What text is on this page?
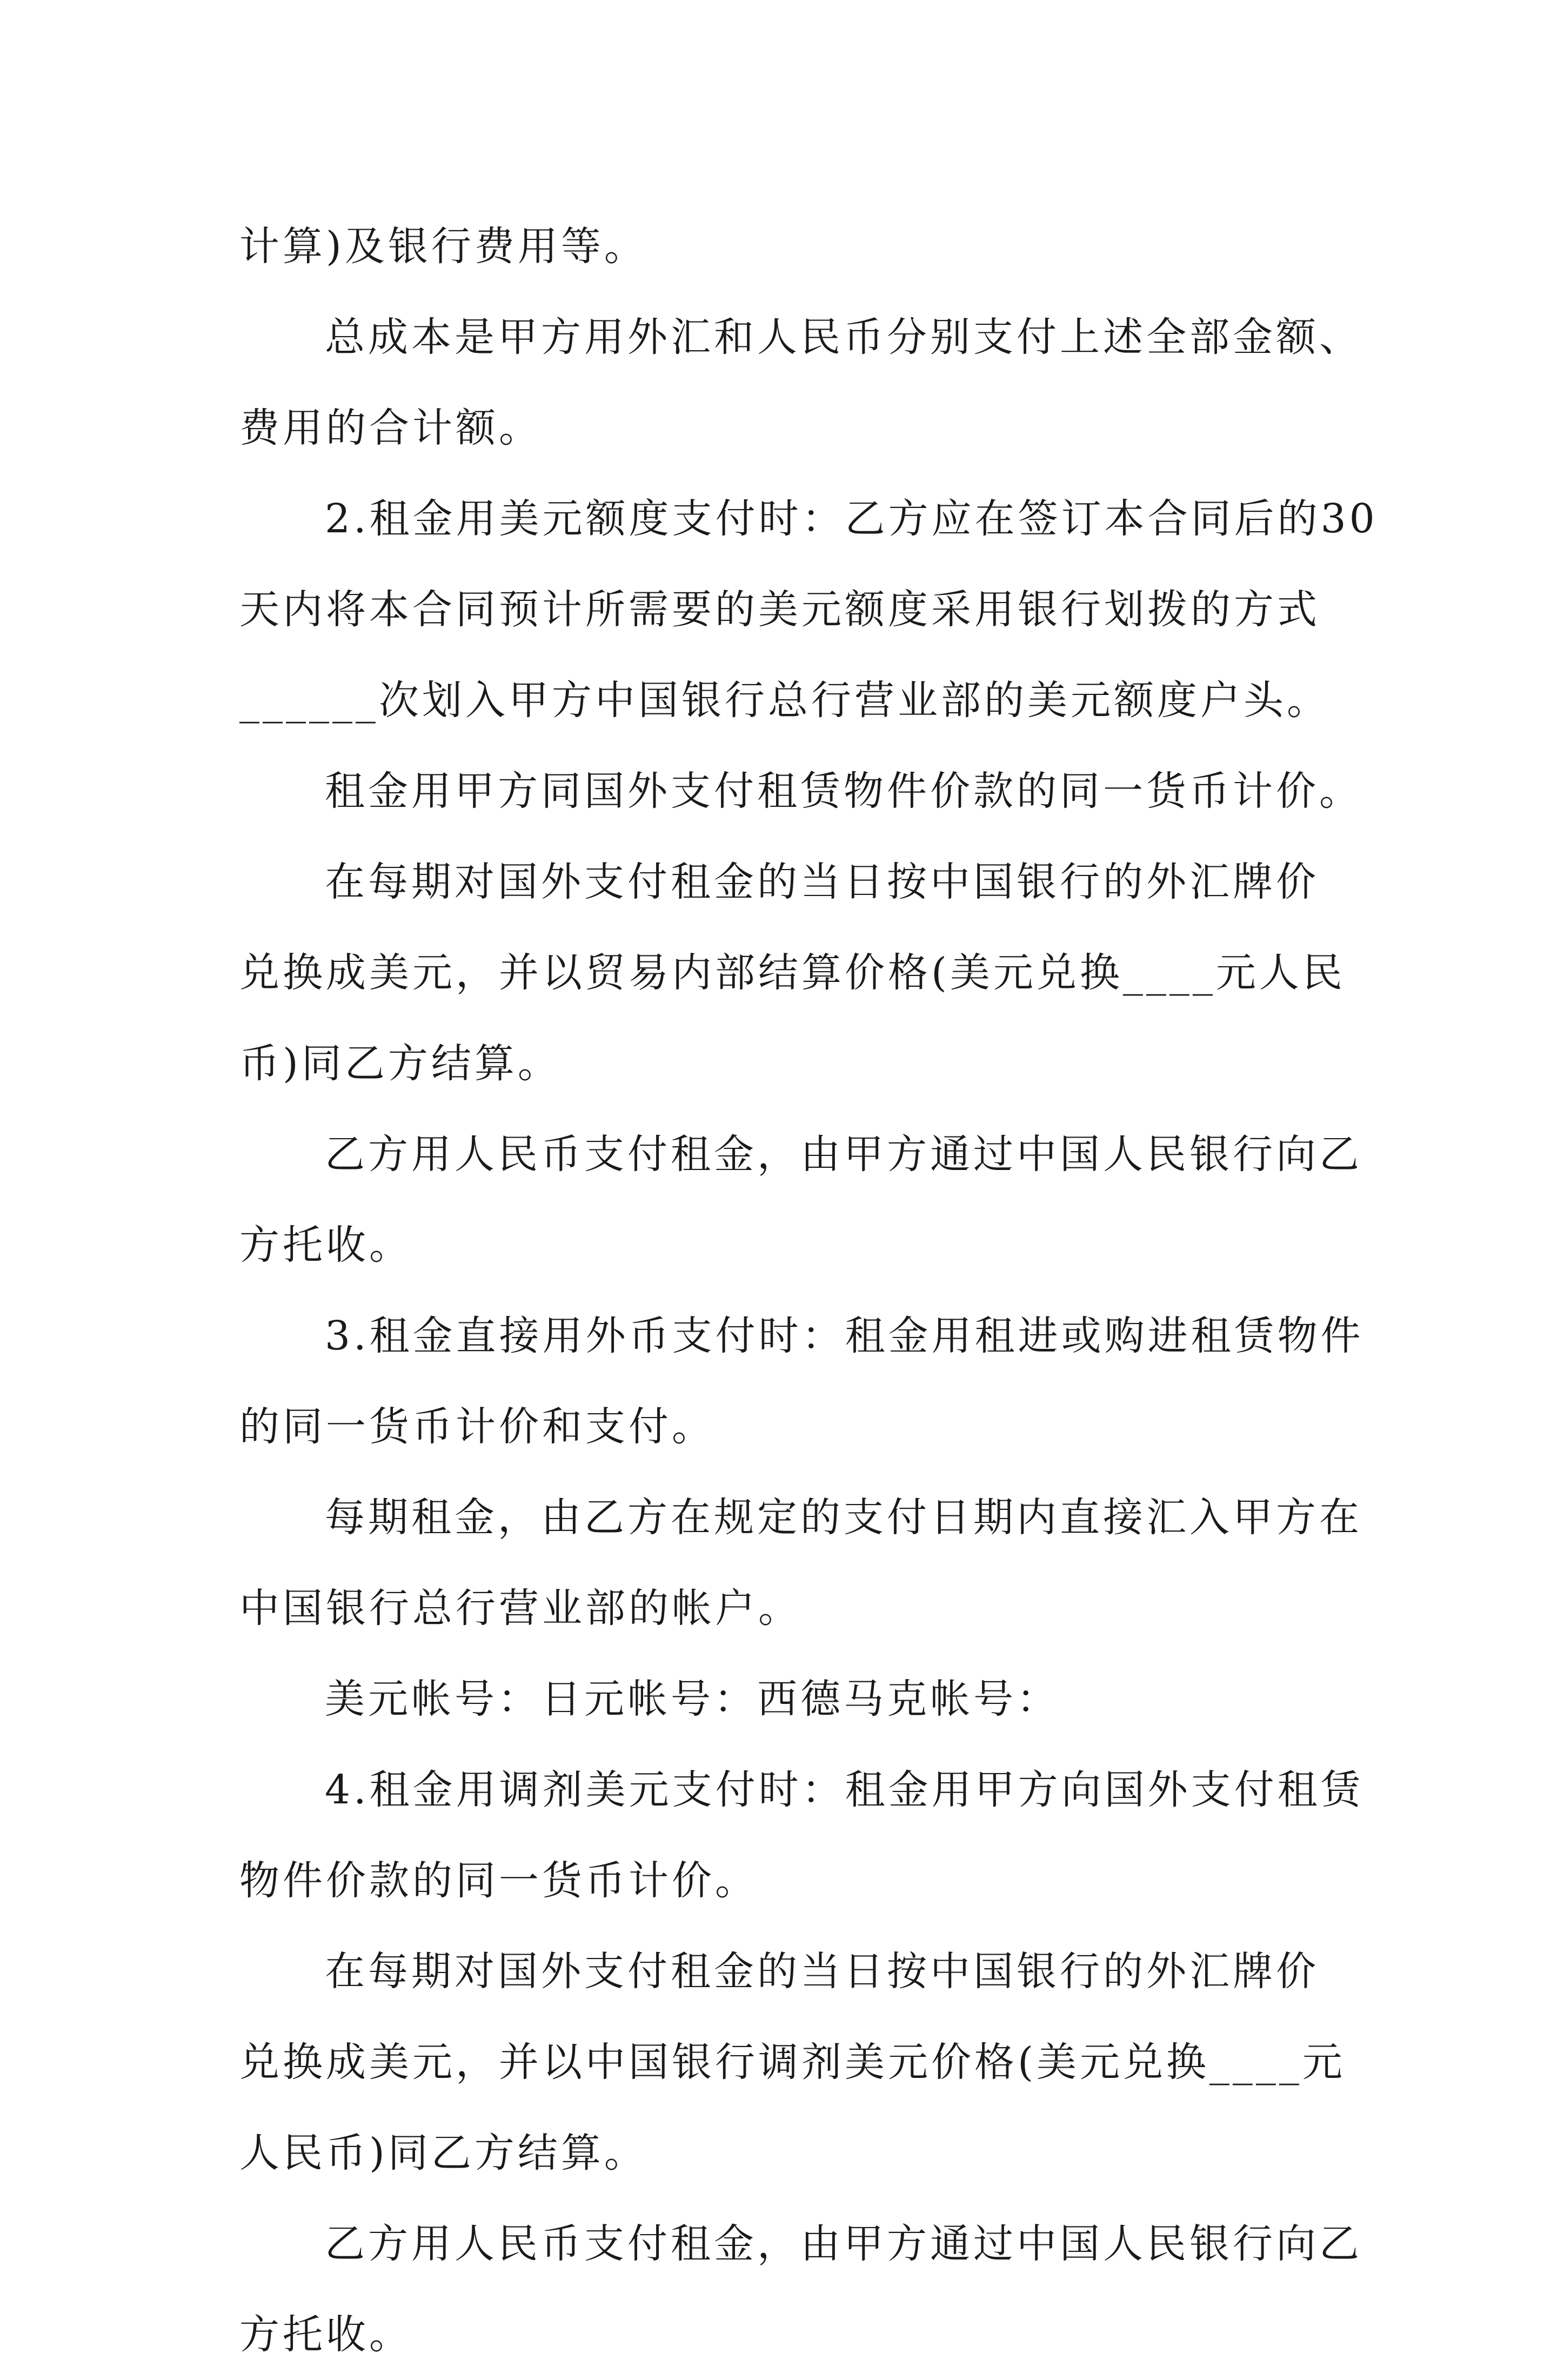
计算)及银行费用等。

总成本是甲方用外汇和人民币分别支付上述全部金额、
费用的合计额。

2.租金用美元额度支付时：乙方应在签订本合同后的30
天内将本合同预计所需要的美元额度采用银行划拨的方式
______次划入甲方中国银行总行营业部的美元额度户头。

租金用甲方同国外支付租赁物件价款的同一货币计价。

在每期对国外支付租金的当日按中国银行的外汇牌价
兑换成美元，并以贸易内部结算价格(美元兑换____元人民
币)同乙方结算。

乙方用人民币支付租金，由甲方通过中国人民银行向乙
方托收。

3.租金直接用外币支付时：租金用租进或购进租赁物件
的同一货币计价和支付。

每期租金，由乙方在规定的支付日期内直接汇入甲方在
中国银行总行营业部的帐户。

美元帐号：日元帐号：西德马克帐号：

4.租金用调剂美元支付时：租金用甲方向国外支付租赁
物件价款的同一货币计价。

在每期对国外支付租金的当日按中国银行的外汇牌价
兑换成美元，并以中国银行调剂美元价格(美元兑换____元
人民币)同乙方结算。

乙方用人民币支付租金，由甲方通过中国人民银行向乙
方托收。
